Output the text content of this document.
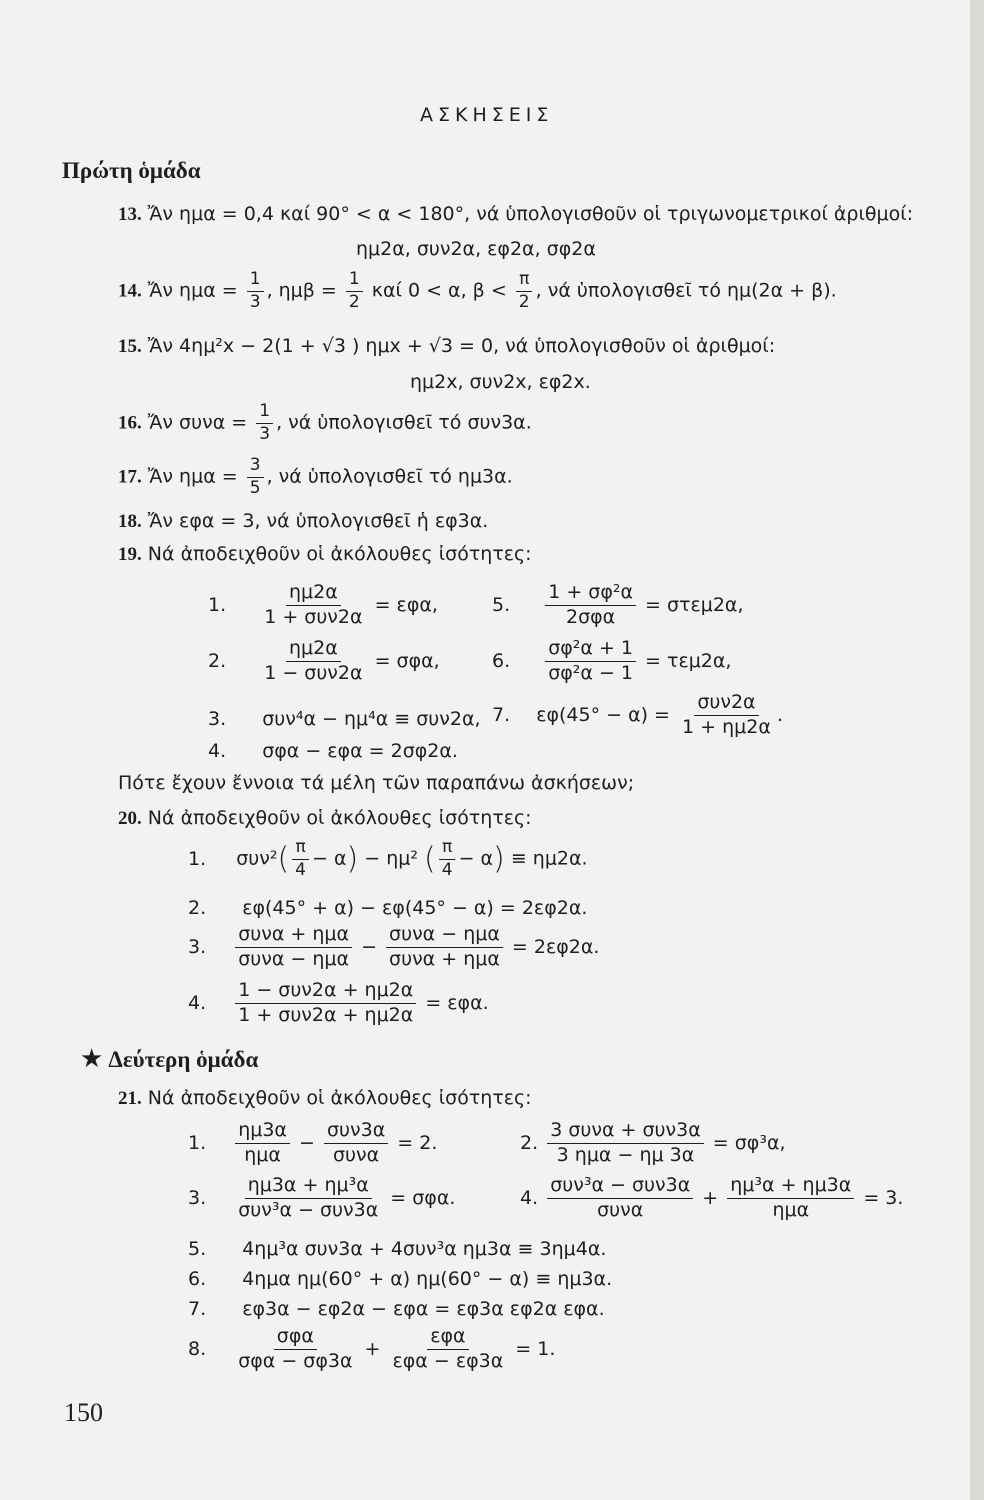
ΑΣΚΗΣΕΙΣ
Πρώτη ὁμάδα
13. Ἄν ημα = 0,4 καί 90° < α < 180°, νά ὑπολογισθοῦν οἱ τριγωνομετρικοί ἀριθμοί:
ημ2α, συν2α, εφ2α, σφ2α
14. Ἄν $\eta\mu\alpha = \frac{1}{3}$ , $\eta\mu\beta = \frac{1}{2}$ καί 0 < α, $\beta < \frac{\pi}{2}$ , νά ὑπολογισθεῖ τό ημ(2α + β).
15. Ἄν 4ημ²x − 2(1 + √3 ) ημx + √3 = 0, νά ὑπολογισθοῦν οἱ ἀριθμοί:
ημ2x, συν2x, εφ2x.
16. Ἄν $\sigma\upsilon\nu\alpha = \frac{1}{3}$ , νά ὑπολογισθεῖ τό συν3α.
17. Ἄν $\eta\mu\alpha = \frac{3}{5}$ , νά ὑπολογισθεῖ τό ημ3α.
18. Ἄν εφα = 3, νά ὑπολογισθεῖ ἡ εφ3α.
19. Νά ἀποδειχθοῦν οἱ ἀκόλουθες ἰσότητες:
1. $\frac{\eta\mu 2\alpha}{\text{1 + συν2α}} = \varepsilon\varphi\alpha$,	5. $\frac{\text{1 + σφ²α}}{\text{2σφα}} = \sigma\tau\varepsilon\mu 2\alpha$,
2. $\frac{\eta\mu 2\alpha}{\text{1 − συν2α}} = \sigma\varphi\alpha$,	6. $\frac{\text{σφ²α + 1}}{\text{σφ²α − 1}} = \tau\varepsilon\mu 2\alpha$,
3. συν⁴α − ημ⁴α ≡ συν2α, 7. $\varepsilon\varphi(45^\circ - \alpha) = \frac{\text{συν2α}}{1 + \eta\mu 2\alpha}$ .
4. σφα − εφα = 2σφ2α.
Πότε ἔχουν ἔννοια τά μέλη τῶν παραπάνω ἀσκήσεων;
20. Νά ἀποδειχθοῦν οἱ ἀκόλουθες ἰσότητες:
1. $\sigma\upsilon\nu^2( \frac{\pi}{4} - \alpha) - \eta\mu^2$ ( $\frac{\pi}{4} - \alpha) \equiv \eta\mu 2\alpha$.
2. εφ(45° + α) − εφ(45° − α) = 2εφ2α.
3. $\frac{\text{συνα + ημα}}{\text{συνα − ημα}} - \frac{\text{συνα − ημα}}{\text{συνα + ημα}} = 2\varepsilon\varphi 2\alpha$.
4. $\frac{\text{1 − συν2α + ημ2α}}{\text{1 + συν2α + ημ2α}} = \varepsilon\varphi\alpha$.
★ Δεύτερη ὁμάδα
21. Νά ἀποδειχθοῦν οἱ ἀκόλουθες ἰσότητες:
1. $\frac{\eta\mu 3\alpha}{\text{ημα}} - \frac{\text{συν3α}}{\text{συνα}} = 2$.	2. $\frac{\text{3 συνα + συν3α}}{\text{3 ημα − ημ 3α}} = \sigma\varphi^3\alpha$,
3. $\frac{\text{ημ3α + ημ³α}}{\text{συν³α − συν3α}} = \sigma\varphi\alpha$.	4. $\frac{\text{συν³α − συν3α}}{\text{συνα}} + \frac{\text{ημ³α + ημ3α}}{\text{ημα}} = 3$.
5. 4ημ³α συν3α + 4συν³α ημ3α ≡ 3ημ4α.
6. 4ημα ημ(60° + α) ημ(60° − α) ≡ ημ3α.
7. εφ3α − εφ2α − εφα = εφ3α εφ2α εφα.
8. $\frac{\text{σφα}}{\text{σφα − σφ3α}} + \frac{\text{εφα}}{\text{εφα − εφ3α}} = 1$.
150
